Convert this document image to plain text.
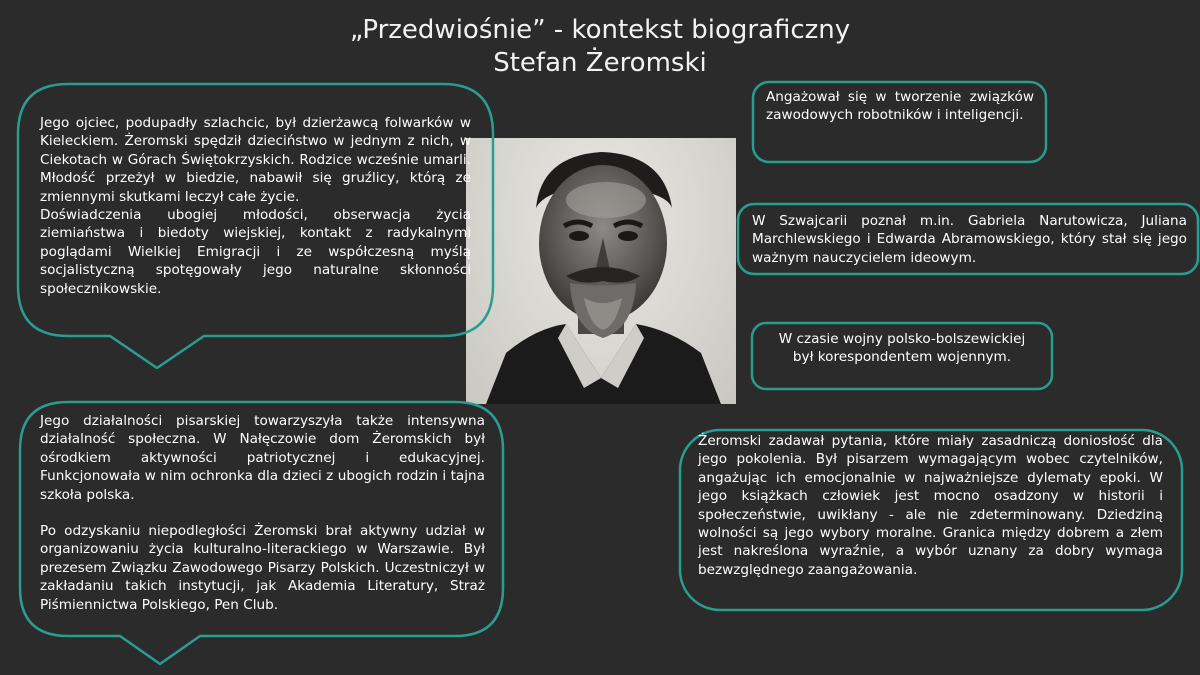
„Przedwiośnie” - kontekst biograficzny
Stefan Żeromski

Jego ojciec, podupadły szlachcic, był dzierżawcą folwarków w Kieleckiem. Żeromski spędził dzieciństwo w jednym z nich, w Ciekotach w Górach Świętokrzyskich. Rodzice wcześnie umarli. Młodość przeżył w biedzie, nabawił się gruźlicy, którą ze zmiennymi skutkami leczył całe życie.

Doświadczenia ubogiej młodości, obserwacja życia ziemiaństwa i biedoty wiejskiej, kontakt z radykalnymi poglądami Wielkiej Emigracji i ze współczesną myślą socjalistyczną spotęgowały jego naturalne skłonności społecznikowskie.

Jego działalności pisarskiej towarzyszyła także intensywna działalność społeczna. W Nałęczowie dom Żeromskich był ośrodkiem aktywności patriotycznej i edukacyjnej. Funkcjonowała w nim ochronka dla dzieci z ubogich rodzin i tajna szkoła polska.

Po odzyskaniu niepodległości Żeromski brał aktywny udział w organizowaniu życia kulturalno-literackiego w Warszawie. Był prezesem Związku Zawodowego Pisarzy Polskich. Uczestniczył w zakładaniu takich instytucji, jak Akademia Literatury, Straż Piśmiennictwa Polskiego, Pen Club.

Angażował się w tworzenie związków zawodowych robotników i inteligencji.
W Szwajcarii poznał m.in. Gabriela Narutowicza, Juliana Marchlewskiego i Edwarda Abramowskiego, który stał się jego ważnym nauczycielem ideowym.
W czasie wojny polsko-bolszewickiej był korespondentem wojennym.
Żeromski zadawał pytania, które miały zasadniczą doniosłość dla jego pokolenia. Był pisarzem wymagającym wobec czytelników, angażując ich emocjonalnie w najważniejsze dylematy epoki. W jego książkach człowiek jest mocno osadzony w historii i społeczeństwie, uwikłany - ale nie zdeterminowany. Dziedziną wolności są jego wybory moralne. Granica między dobrem a złem jest nakreślona wyraźnie, a wybór uznany za dobry wymaga bezwzględnego zaangażowania.
